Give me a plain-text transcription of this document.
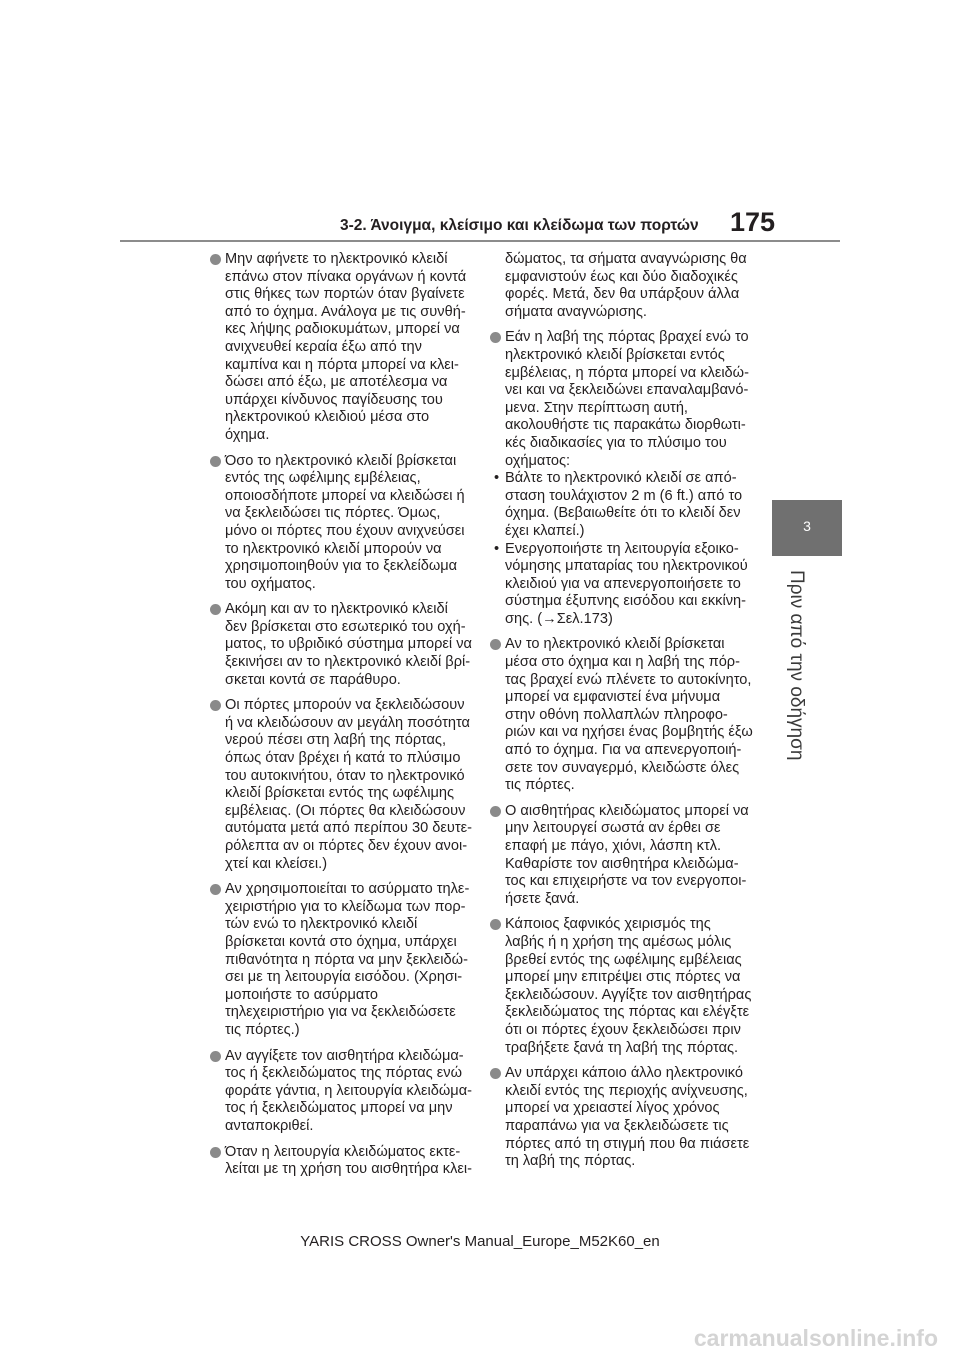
3-2. Άνοιγμα, κλείσιμο και κλείδωμα των πορτών 175
3
Πριν από την οδήγηση
Μην αφήνετε το ηλεκτρονικό κλειδί
επάνω στον πίνακα οργάνων ή κοντά
στις θήκες των πορτών όταν βγαίνετε
από το όχημα. Ανάλογα με τις συνθή-
κες λήψης ραδιοκυμάτων, μπορεί να
ανιχνευθεί κεραία έξω από την
καμπίνα και η πόρτα μπορεί να κλει-
δώσει από έξω, με αποτέλεσμα να
υπάρχει κίνδυνος παγίδευσης του
ηλεκτρονικού κλειδιού μέσα στο
όχημα.
Όσο το ηλεκτρονικό κλειδί βρίσκεται
εντός της ωφέλιμης εμβέλειας,
οποιοσδήποτε μπορεί να κλειδώσει ή
να ξεκλειδώσει τις πόρτες. Όμως,
μόνο οι πόρτες που έχουν ανιχνεύσει
το ηλεκτρονικό κλειδί μπορούν να
χρησιμοποιηθούν για το ξεκλείδωμα
του οχήματος.
Ακόμη και αν το ηλεκτρονικό κλειδί
δεν βρίσκεται στο εσωτερικό του οχή-
ματος, το υβριδικό σύστημα μπορεί να
ξεκινήσει αν το ηλεκτρονικό κλειδί βρί-
σκεται κοντά σε παράθυρο.
Οι πόρτες μπορούν να ξεκλειδώσουν
ή να κλειδώσουν αν μεγάλη ποσότητα
νερού πέσει στη λαβή της πόρτας,
όπως όταν βρέχει ή κατά το πλύσιμο
του αυτοκινήτου, όταν το ηλεκτρονικό
κλειδί βρίσκεται εντός της ωφέλιμης
εμβέλειας. (Οι πόρτες θα κλειδώσουν
αυτόματα μετά από περίπου 30 δευτε-
ρόλεπτα αν οι πόρτες δεν έχουν ανοι-
χτεί και κλείσει.)
Αν χρησιμοποιείται το ασύρματο τηλε-
χειριστήριο για το κλείδωμα των πορ-
τών ενώ το ηλεκτρονικό κλειδί
βρίσκεται κοντά στο όχημα, υπάρχει
πιθανότητα η πόρτα να μην ξεκλειδώ-
σει με τη λειτουργία εισόδου. (Χρησι-
μοποιήστε το ασύρματο
τηλεχειριστήριο για να ξεκλειδώσετε
τις πόρτες.)
Αν αγγίξετε τον αισθητήρα κλειδώμα-
τος ή ξεκλειδώματος της πόρτας ενώ
φοράτε γάντια, η λειτουργία κλειδώμα-
τος ή ξεκλειδώματος μπορεί να μην
ανταποκριθεί.
Όταν η λειτουργία κλειδώματος εκτε-
λείται με τη χρήση του αισθητήρα κλει-
δώματος, τα σήματα αναγνώρισης θα
εμφανιστούν έως και δύο διαδοχικές
φορές. Μετά, δεν θα υπάρξουν άλλα
σήματα αναγνώρισης.
Εάν η λαβή της πόρτας βραχεί ενώ το
ηλεκτρονικό κλειδί βρίσκεται εντός
εμβέλειας, η πόρτα μπορεί να κλειδώ-
νει και να ξεκλειδώνει επαναλαμβανό-
μενα. Στην περίπτωση αυτή,
ακολουθήστε τις παρακάτω διορθωτι-
κές διαδικασίες για το πλύσιμο του
οχήματος:
• Βάλτε το ηλεκτρονικό κλειδί σε από-
σταση τουλάχιστον 2 m (6 ft.) από το
όχημα. (Βεβαιωθείτε ότι το κλειδί δεν
έχει κλαπεί.)
• Ενεργοποιήστε τη λειτουργία εξοικο-
νόμησης μπαταρίας του ηλεκτρονικού
κλειδιού για να απενεργοποιήσετε το
σύστημα έξυπνης εισόδου και εκκίνη-
σης. (→Σελ.173)
Αν το ηλεκτρονικό κλειδί βρίσκεται
μέσα στο όχημα και η λαβή της πόρ-
τας βραχεί ενώ πλένετε το αυτοκίνητο,
μπορεί να εμφανιστεί ένα μήνυμα
στην οθόνη πολλαπλών πληροφο-
ριών και να ηχήσει ένας βομβητής έξω
από το όχημα. Για να απενεργοποιή-
σετε τον συναγερμό, κλειδώστε όλες
τις πόρτες.
Ο αισθητήρας κλειδώματος μπορεί να
μην λειτουργεί σωστά αν έρθει σε
επαφή με πάγο, χιόνι, λάσπη κτλ.
Καθαρίστε τον αισθητήρα κλειδώμα-
τος και επιχειρήστε να τον ενεργοποι-
ήσετε ξανά.
Κάποιος ξαφνικός χειρισμός της
λαβής ή η χρήση της αμέσως μόλις
βρεθεί εντός της ωφέλιμης εμβέλειας
μπορεί μην επιτρέψει στις πόρτες να
ξεκλειδώσουν. Αγγίξτε τον αισθητήρας
ξεκλειδώματος της πόρτας και ελέγξτε
ότι οι πόρτες έχουν ξεκλειδώσει πριν
τραβήξετε ξανά τη λαβή της πόρτας.
Αν υπάρχει κάποιο άλλο ηλεκτρονικό
κλειδί εντός της περιοχής ανίχνευσης,
μπορεί να χρειαστεί λίγος χρόνος
παραπάνω για να ξεκλειδώσετε τις
πόρτες από τη στιγμή που θα πιάσετε
τη λαβή της πόρτας.
YARIS CROSS Owner's Manual_Europe_M52K60_en
carmanualsonline.info
